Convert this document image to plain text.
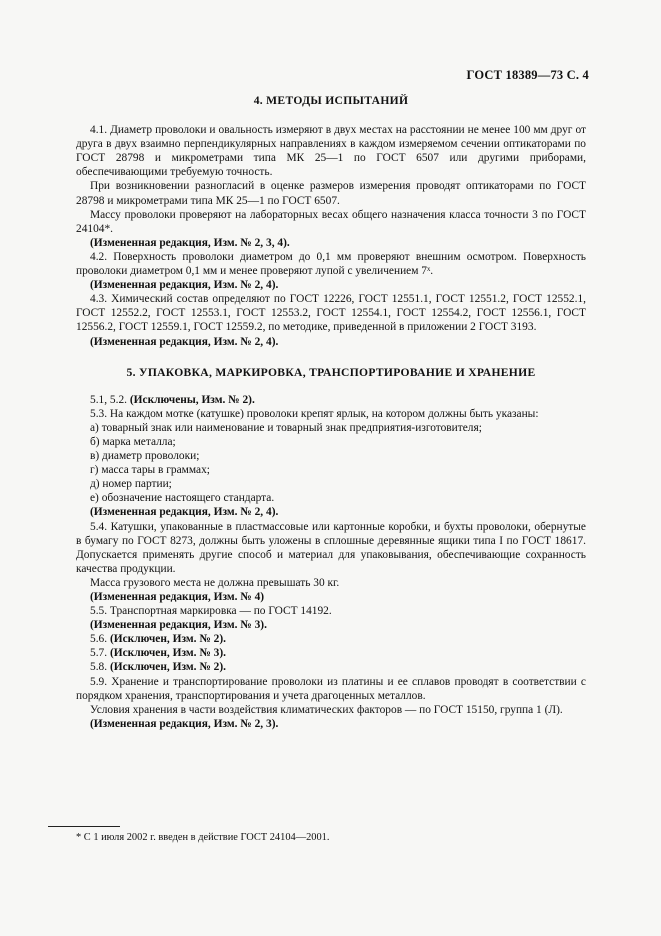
ГОСТ 18389—73 С. 4
4. МЕТОДЫ ИСПЫТАНИЙ

4.1. Диаметр проволоки и овальность измеряют в двух местах на расстоянии не менее 100 мм друг от друга в двух взаимно перпендикулярных направлениях в каждом измеряемом сечении оптикаторами по ГОСТ 28798 и микрометрами типа МК 25—1 по ГОСТ 6507 или другими приборами, обеспечивающими требуемую точность.

При возникновении разногласий в оценке размеров измерения проводят оптикаторами по ГОСТ 28798 и микрометрами типа МК 25—1 по ГОСТ 6507.

Массу проволоки проверяют на лабораторных весах общего назначения класса точности 3 по ГОСТ 24104*.

(Измененная редакция, Изм. № 2, 3, 4).

4.2. Поверхность проволоки диаметром до 0,1 мм проверяют внешним осмотром. Поверхность проволоки диаметром 0,1 мм и менее проверяют лупой с увеличением 7ˣ.

(Измененная редакция, Изм. № 2, 4).

4.3. Химический состав определяют по ГОСТ 12226, ГОСТ 12551.1, ГОСТ 12551.2, ГОСТ 12552.1, ГОСТ 12552.2, ГОСТ 12553.1, ГОСТ 12553.2, ГОСТ 12554.1, ГОСТ 12554.2, ГОСТ 12556.1, ГОСТ 12556.2, ГОСТ 12559.1, ГОСТ 12559.2, по методике, приведенной в приложении 2 ГОСТ 3193.

(Измененная редакция, Изм. № 2, 4).

5. УПАКОВКА, МАРКИРОВКА, ТРАНСПОРТИРОВАНИЕ И ХРАНЕНИЕ

5.1, 5.2. (Исключены, Изм. № 2).

5.3. На каждом мотке (катушке) проволоки крепят ярлык, на котором должны быть указаны:

а) товарный знак или наименование и товарный знак предприятия-изготовителя;

б) марка металла;

в) диаметр проволоки;

г) масса тары в граммах;

д) номер партии;

е) обозначение настоящего стандарта.

(Измененная редакция, Изм. № 2, 4).

5.4. Катушки, упакованные в пластмассовые или картонные коробки, и бухты проволоки, обернутые в бумагу по ГОСТ 8273, должны быть уложены в сплошные деревянные ящики типа I по ГОСТ 18617. Допускается применять другие способ и материал для упаковывания, обеспечивающие сохранность качества продукции.

Масса грузового места не должна превышать 30 кг.

(Измененная редакция, Изм. № 4)

5.5. Транспортная маркировка — по ГОСТ 14192.

(Измененная редакция, Изм. № 3).

5.6. (Исключен, Изм. № 2).

5.7. (Исключен, Изм. № 3).

5.8. (Исключен, Изм. № 2).

5.9. Хранение и транспортирование проволоки из платины и ее сплавов проводят в соответствии с порядком хранения, транспортирования и учета драгоценных металлов.

Условия хранения в части воздействия климатических факторов — по ГОСТ 15150, группа 1 (Л).

(Измененная редакция, Изм. № 2, 3).

* С 1 июля 2002 г. введен в действие ГОСТ 24104—2001.
